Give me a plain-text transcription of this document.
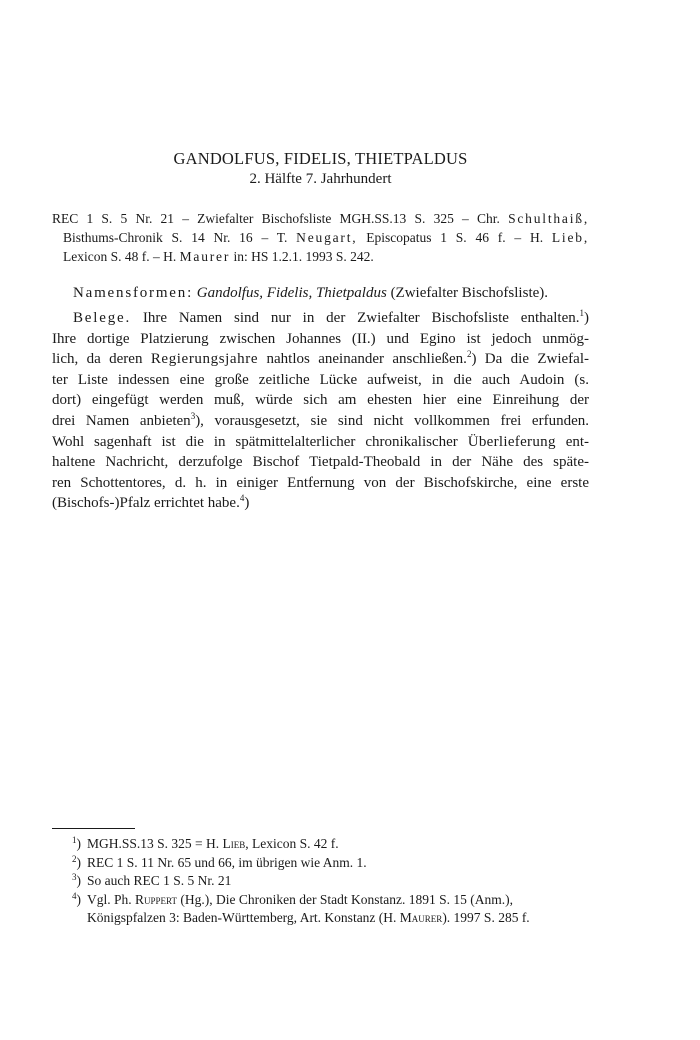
GANDOLFUS, FIDELIS, THIETPALDUS
2. Hälfte 7. Jahrhundert

REC 1 S. 5 Nr. 21 – Zwiefalter Bischofsliste MGH.SS.13 S. 325 – Chr. Schulthaiß,

Bisthums-Chronik S. 14 Nr. 16 – T. Neugart, Episcopatus 1 S. 46 f. – H. Lieb,

Lexicon S. 48 f. – H. Maurer in: HS 1.2.1. 1993 S. 242.

Namensformen: Gandolfus, Fidelis, Thietpaldus (Zwiefalter Bischofsliste).

Belege. Ihre Namen sind nur in der Zwiefalter Bischofsliste enthalten.$^1$)

Ihre dortige Platzierung zwischen Johannes (II.) und Egino ist jedoch unmög-

lich, da deren Regierungsjahre nahtlos aneinander anschließen.$^2$) Da die Zwiefal-

ter Liste indessen eine große zeitliche Lücke aufweist, in die auch Audoin (s.

dort) eingefügt werden muß, würde sich am ehesten hier eine Einreihung der

drei Namen anbieten$^3$), vorausgesetzt, sie sind nicht vollkommen frei erfunden.

Wohl sagenhaft ist die in spätmittelalterlicher chronikalischer Überlieferung ent-

haltene Nachricht, derzufolge Bischof Tietpald-Theobald in der Nähe des späte-

ren Schottentores, d. h. in einiger Entfernung von der Bischofskirche, eine erste

(Bischofs-)Pfalz errichtet habe.$^4$)

$^1$) MGH.SS.13 S. 325 = H. Lieb, Lexicon S. 42 f.
$^2$) REC 1 S. 11 Nr. 65 und 66, im übrigen wie Anm. 1.
$^3$) So auch REC 1 S. 5 Nr. 21
$^4$) Vgl. Ph. Ruppert (Hg.), Die Chroniken der Stadt Konstanz. 1891 S. 15 (Anm.),
Königspfalzen 3: Baden-Württemberg, Art. Konstanz (H. Maurer). 1997 S. 285 f.
